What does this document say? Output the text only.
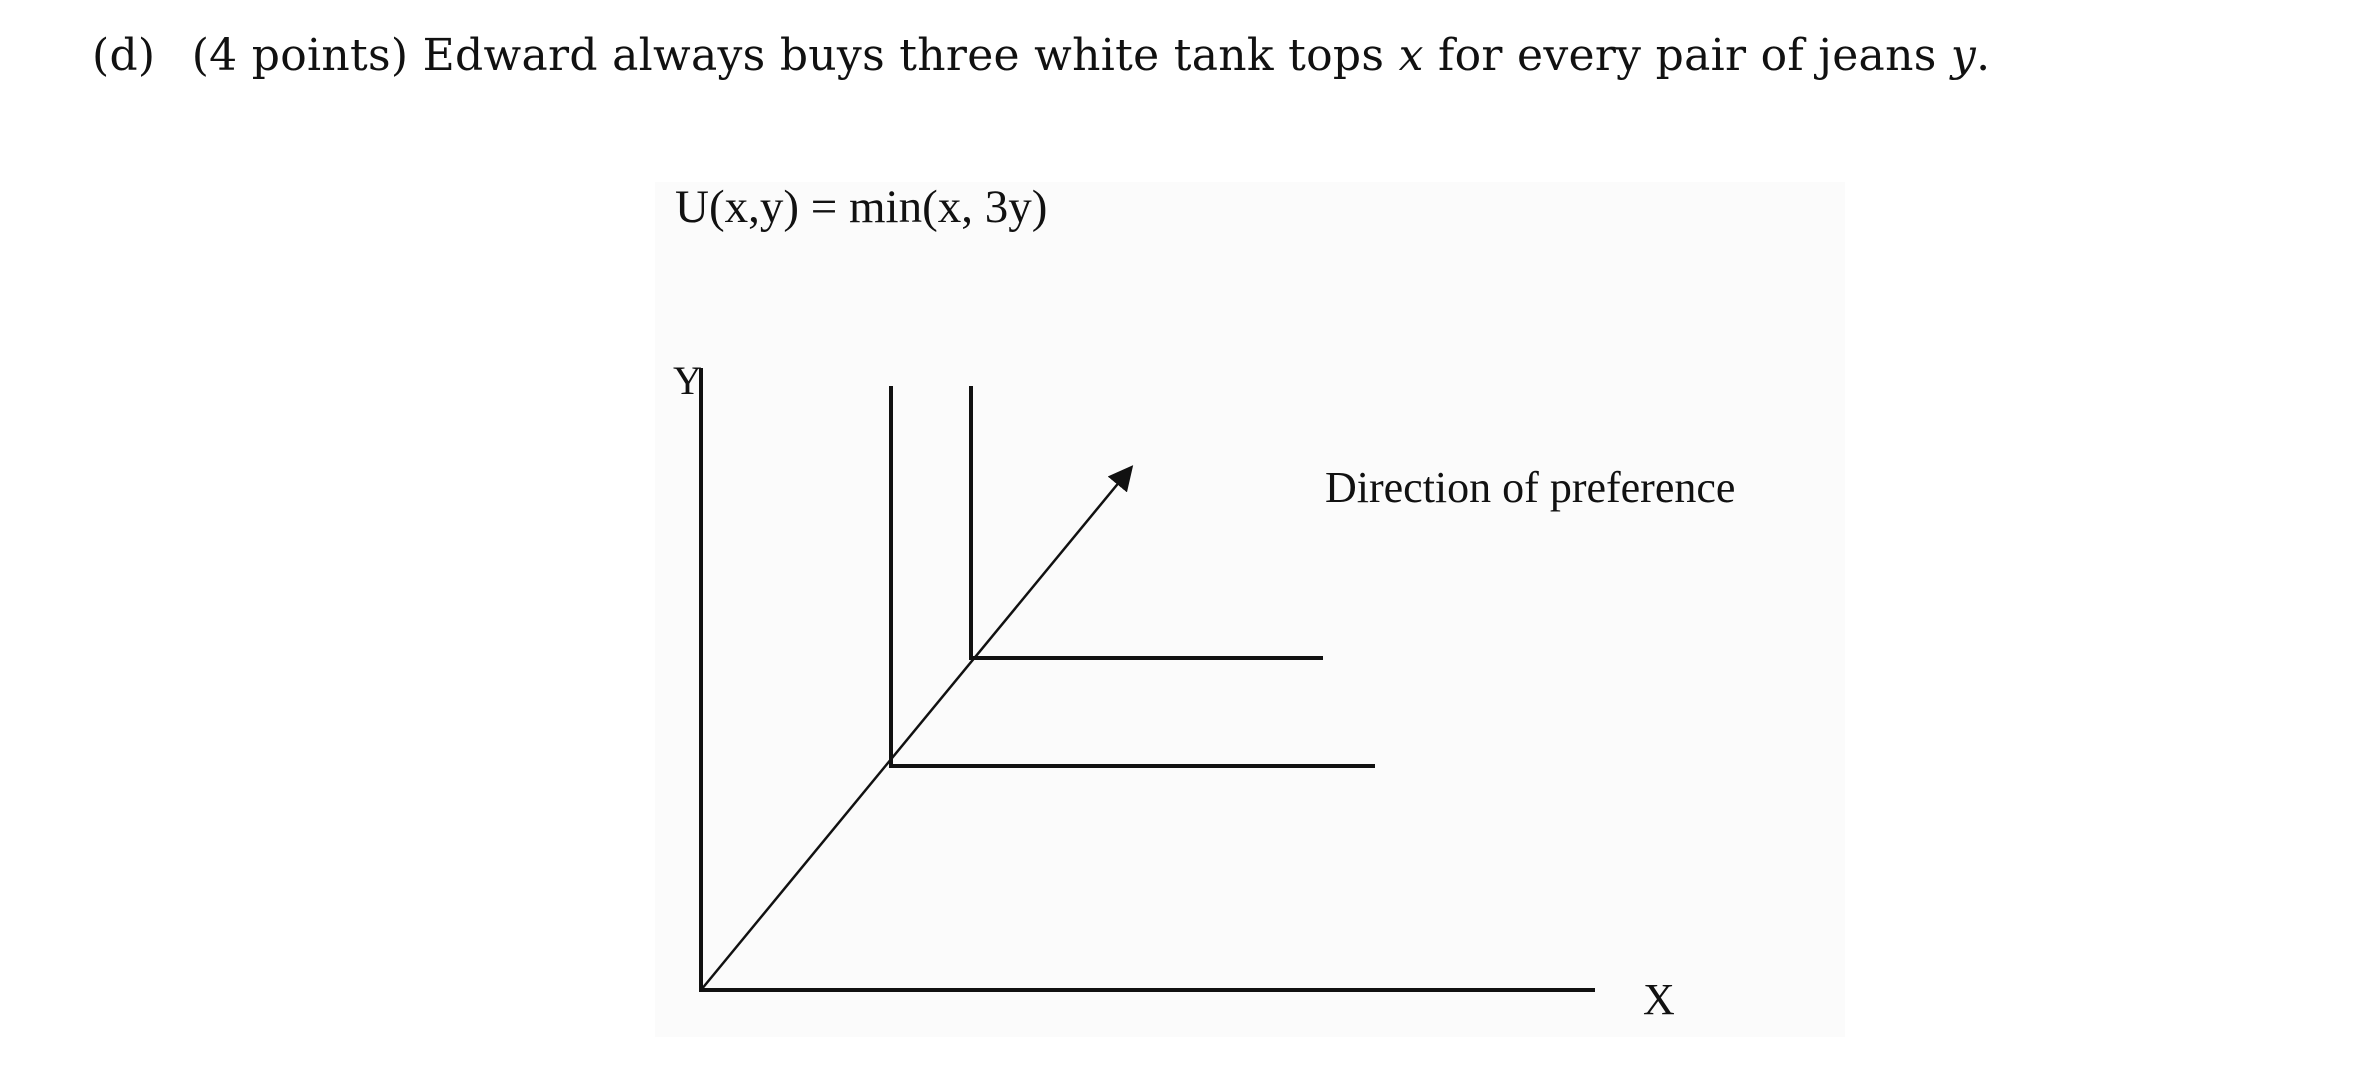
(d) (4 points) Edward always buys three white tank tops x for every pair of jeans y.
U(x,y) = min(x, 3y)
Y
X
Direction of preference
